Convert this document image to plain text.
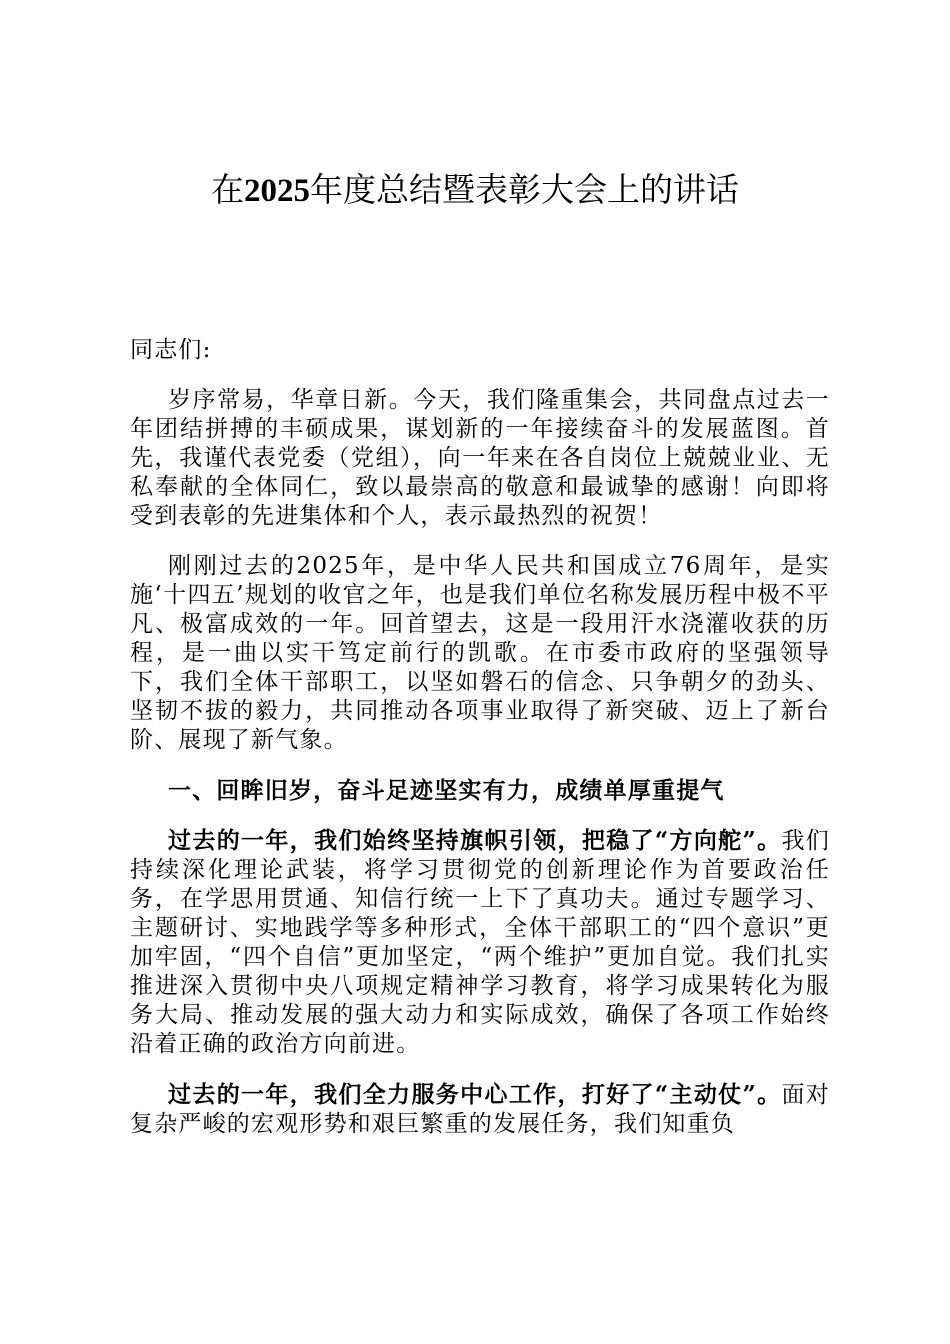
在2025年度总结暨表彰大会上的讲话

同志们:

岁序常易，华章日新。今天，我们隆重集会，共同盘点过去一年团结拼搏的丰硕成果，谋划新的一年接续奋斗的发展蓝图。首先，我谨代表党委（党组），向一年来在各自岗位上兢兢业业、无私奉献的全体同仁，致以最崇高的敬意和最诚挚的感谢！向即将受到表彰的先进集体和个人，表示最热烈的祝贺！

刚刚过去的2025年，是中华人民共和国成立76周年，是实施‘十四五’规划的收官之年，也是我们单位名称发展历程中极不平凡、极富成效的一年。回首望去，这是一段用汗水浇灌收获的历程，是一曲以实干笃定前行的凯歌。在市委市政府的坚强领导下，我们全体干部职工，以坚如磐石的信念、只争朝夕的劲头、坚韧不拔的毅力，共同推动各项事业取得了新突破、迈上了新台阶、展现了新气象。

一、回眸旧岁，奋斗足迹坚实有力，成绩单厚重提气

过去的一年，我们始终坚持旗帜引领，把稳了“方向舵”。我们持续深化理论武装，将学习贯彻党的创新理论作为首要政治任务，在学思用贯通、知信行统一上下了真功夫。通过专题学习、主题研讨、实地践学等多种形式，全体干部职工的“四个意识”更加牢固，“四个自信”更加坚定，“两个维护”更加自觉。我们扎实推进深入贯彻中央八项规定精神学习教育，将学习成果转化为服务大局、推动发展的强大动力和实际成效，确保了各项工作始终沿着正确的政治方向前进。

过去的一年，我们全力服务中心工作，打好了“主动仗”。面对复杂严峻的宏观形势和艰巨繁重的发展任务，我们知重负
